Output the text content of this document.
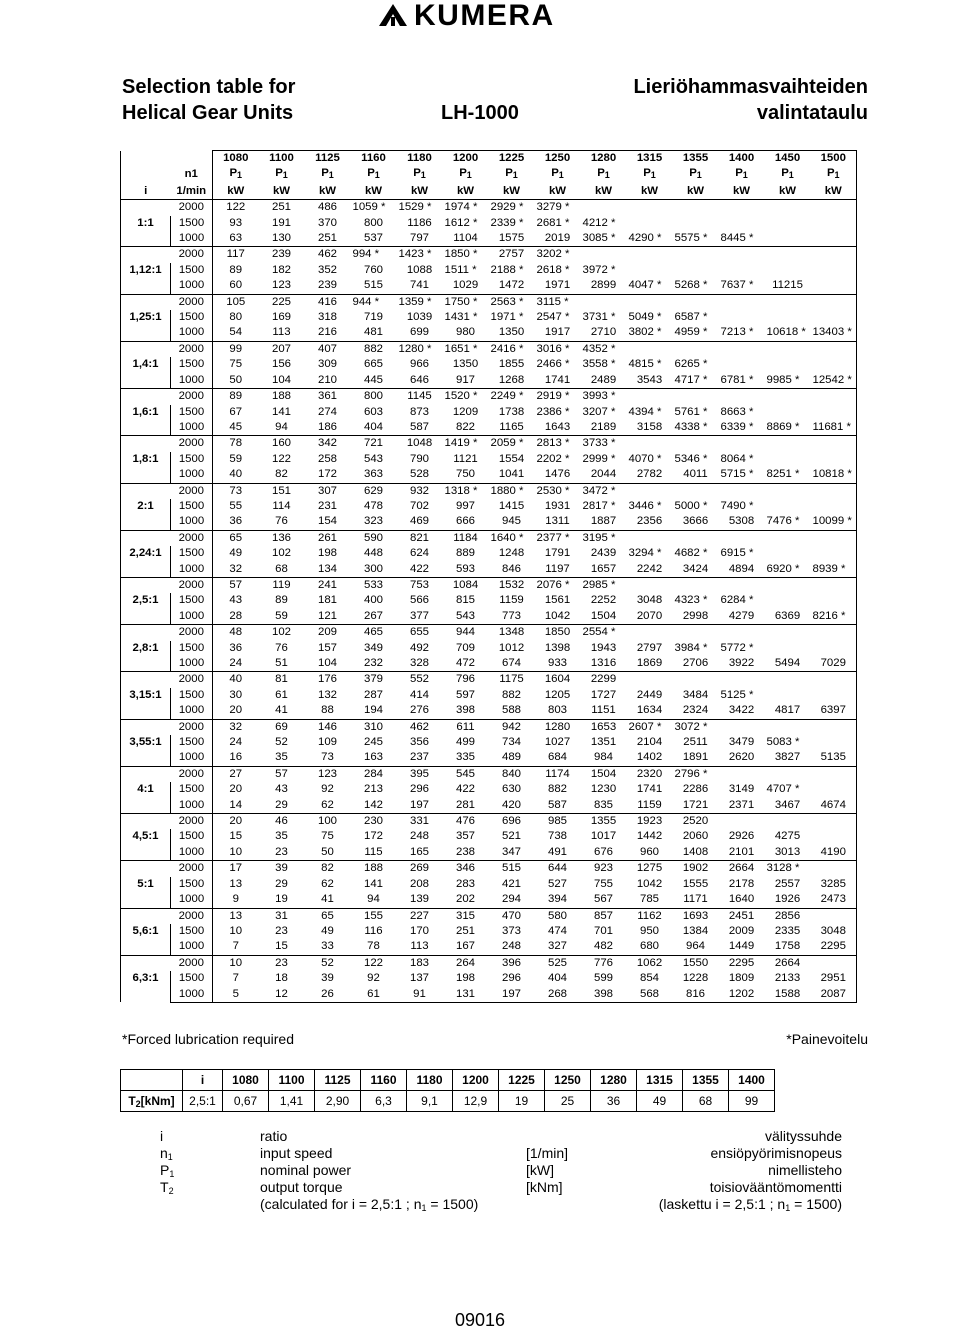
KUMERA
Selection table for
Helical Gear Units	LH-1000
Lieriöhammasvaihteiden
valintataulu
		1080	1100	1125	1160	1180	1200	1225	1250	1280	1315	1355	1400	1450	1500
	n1	$P_1$	$P_1$	$P_1$	$P_1$	$P_1$	$P_1$	$P_1$	$P_1$	$P_1$	$P_1$	$P_1$	$P_1$	$P_1$	$P_1$
i	1/min	kW	kW	kW	kW	kW	kW	kW	kW	kW	kW	kW	kW	kW	kW
1:1	2000	122	251	486	1059 *	1529 *	1974 *	2929 *	3279 *						
	1500	93	191	370	800	1186	1612 *	2339 *	2681 *	4212 *					
	1000	63	130	251	537	797	1104	1575	2019	3085 *	4290 *	5575 *	8445 *		
1,12:1	2000	117	239	462	994 *	1423 *	1850 *	2757	3202 *						
	1500	89	182	352	760	1088	1511 *	2188 *	2618 *	3972 *					
	1000	60	123	239	515	741	1029	1472	1971	2899	4047 *	5268 *	7637 *	11215	
1,25:1	2000	105	225	416	944 *	1359 *	1750 *	2563 *	3115 *						
	1500	80	169	318	719	1039	1431 *	1971 *	2547 *	3731 *	5049 *	6587 *			
	1000	54	113	216	481	699	980	1350	1917	2710	3802 *	4959 *	7213 *	10618 *	13403 *
1,4:1	2000	99	207	407	882	1280 *	1651 *	2416 *	3016 *	4352 *					
	1500	75	156	309	665	966	1350	1855	2466 *	3558 *	4815 *	6265 *			
	1000	50	104	210	445	646	917	1268	1741	2489	3543	4717 *	6781 *	9985 *	12542 *
1,6:1	2000	89	188	361	800	1145	1520 *	2249 *	2919 *	3993 *					
	1500	67	141	274	603	873	1209	1738	2386 *	3207 *	4394 *	5761 *	8663 *		
	1000	45	94	186	404	587	822	1165	1643	2189	3158	4338 *	6339 *	8869 *	11681 *
1,8:1	2000	78	160	342	721	1048	1419 *	2059 *	2813 *	3733 *					
	1500	59	122	258	543	790	1121	1554	2202 *	2999 *	4070 *	5346 *	8064 *		
	1000	40	82	172	363	528	750	1041	1476	2044	2782	4011	5715 *	8251 *	10818 *
2:1	2000	73	151	307	629	932	1318 *	1880 *	2530 *	3472 *					
	1500	55	114	231	478	702	997	1415	1931	2817 *	3446 *	5000 *	7490 *		
	1000	36	76	154	323	469	666	945	1311	1887	2356	3666	5308	7476 *	10099 *
2,24:1	2000	65	136	261	590	821	1184	1640 *	2377 *	3195 *					
	1500	49	102	198	448	624	889	1248	1791	2439	3294 *	4682 *	6915 *		
	1000	32	68	134	300	422	593	846	1197	1657	2242	3424	4894	6920 *	8939 *
2,5:1	2000	57	119	241	533	753	1084	1532	2076 *	2985 *					
	1500	43	89	181	400	566	815	1159	1561	2252	3048	4323 *	6284 *		
	1000	28	59	121	267	377	543	773	1042	1504	2070	2998	4279	6369	8216 *
2,8:1	2000	48	102	209	465	655	944	1348	1850	2554 *					
	1500	36	76	157	349	492	709	1012	1398	1943	2797	3984 *	5772 *		
	1000	24	51	104	232	328	472	674	933	1316	1869	2706	3922	5494	7029
3,15:1	2000	40	81	176	379	552	796	1175	1604	2299					
	1500	30	61	132	287	414	597	882	1205	1727	2449	3484	5125 *		
	1000	20	41	88	194	276	398	588	803	1151	1634	2324	3422	4817	6397
3,55:1	2000	32	69	146	310	462	611	942	1280	1653	2607 *	3072 *			
	1500	24	52	109	245	356	499	734	1027	1351	2104	2511	3479	5083 *	
	1000	16	35	73	163	237	335	489	684	984	1402	1891	2620	3827	5135
4:1	2000	27	57	123	284	395	545	840	1174	1504	2320	2796 *			
	1500	20	43	92	213	296	422	630	882	1230	1741	2286	3149	4707 *	
	1000	14	29	62	142	197	281	420	587	835	1159	1721	2371	3467	4674
4,5:1	2000	20	46	100	230	331	476	696	985	1355	1923	2520			
	1500	15	35	75	172	248	357	521	738	1017	1442	2060	2926	4275	
	1000	10	23	50	115	165	238	347	491	676	960	1408	2101	3013	4190
5:1	2000	17	39	82	188	269	346	515	644	923	1275	1902	2664	3128 *	
	1500	13	29	62	141	208	283	421	527	755	1042	1555	2178	2557	3285
	1000	9	19	41	94	139	202	294	394	567	785	1171	1640	1926	2473
5,6:1	2000	13	31	65	155	227	315	470	580	857	1162	1693	2451	2856	
	1500	10	23	49	116	170	251	373	474	701	950	1384	2009	2335	3048
	1000	7	15	33	78	113	167	248	327	482	680	964	1449	1758	2295
6,3:1	2000	10	23	52	122	183	264	396	525	776	1062	1550	2295	2664	
	1500	7	18	39	92	137	198	296	404	599	854	1228	1809	2133	2951
	1000	5	12	26	61	91	131	197	268	398	568	816	1202	1588	2087
*Forced lubrication required	*Painevoitelu
	i	1080	1100	1125	1160	1180	1200	1225	1250	1280	1315	1355	1400
$T_2[kNm]$	2,5:1	0,67	1,41	2,90	6,3	9,1	12,9	19	25	36	49	68	99
i	ratio	välityssuhde
$n_1$	input speed	[1/min]	ensiöpyörimisnopeus
$P_1$	nominal power	[kW]	nimellisteho
$T_2$	output torque	[kNm]	toisiovääntömomentti
(calculated for i = 2,5:1 ; $n_1 = 1500$)	(laskettu i = 2,5:1 ; $n_1 = 1500$)
09016
